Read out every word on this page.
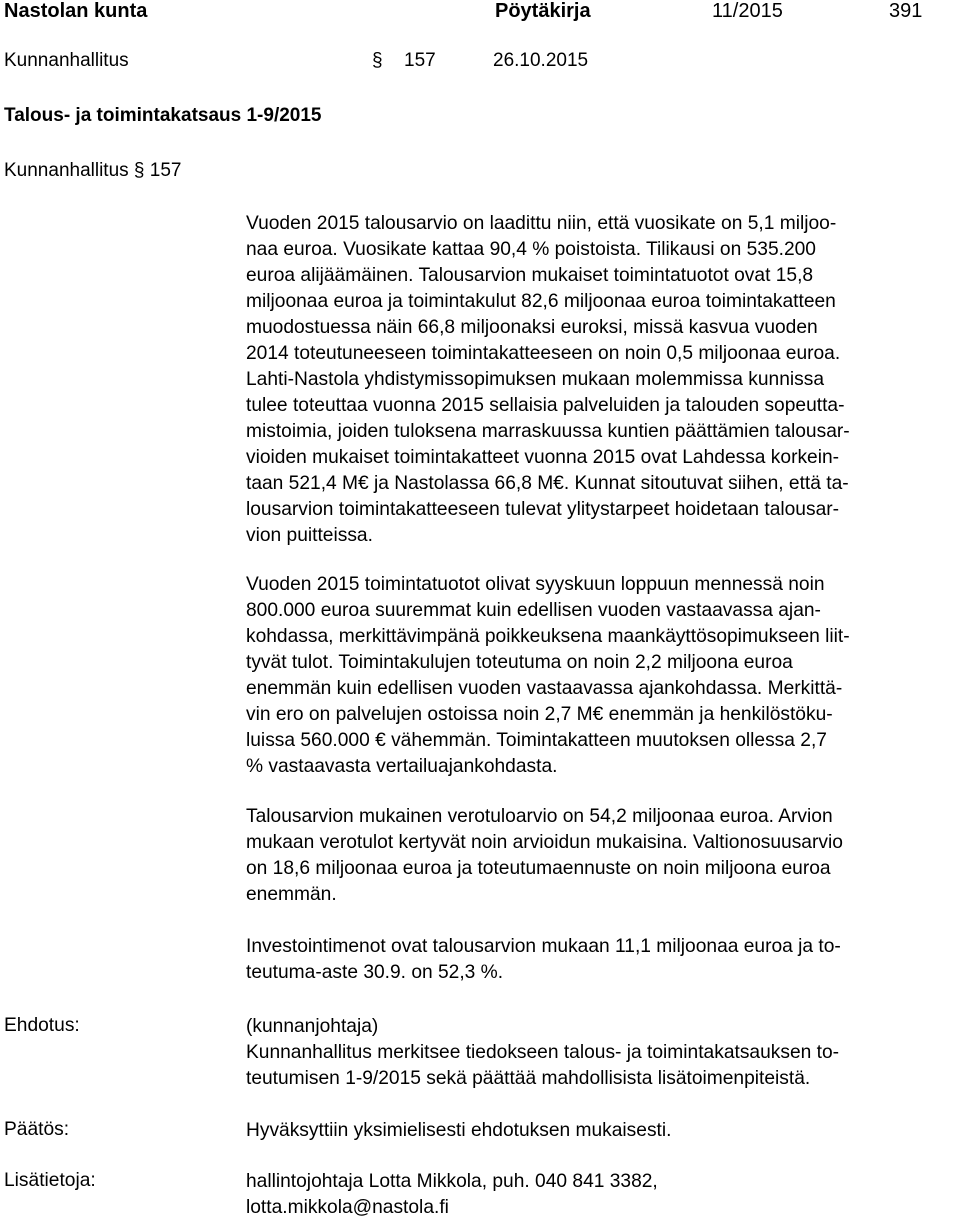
Nastolan kunta	Pöytäkirja	11/2015	391
Kunnanhallitus	§ 157	26.10.2015
Talous- ja toimintakatsaus 1-9/2015
Kunnanhallitus § 157
Vuoden 2015 talousarvio on laadittu niin, että vuosikate on 5,1 miljoo-
naa euroa. Vuosikate kattaa 90,4 % poistoista. Tilikausi on 535.200
euroa alijäämäinen. Talousarvion mukaiset toimintatuotot ovat 15,8
miljoonaa euroa ja toimintakulut 82,6 miljoonaa euroa toimintakatteen
muodostuessa näin 66,8 miljoonaksi euroksi, missä kasvua vuoden
2014 toteutuneeseen toimintakatteeseen on noin 0,5 miljoonaa euroa.
Lahti-Nastola yhdistymissopimuksen mukaan molemmissa kunnissa
tulee toteuttaa vuonna 2015 sellaisia palveluiden ja talouden sopeutta-
mistoimia, joiden tuloksena marraskuussa kuntien päättämien talousar-
vioiden mukaiset toimintakatteet vuonna 2015 ovat Lahdessa korkein-
taan 521,4 M€ ja Nastolassa 66,8 M€. Kunnat sitoutuvat siihen, että ta-
lousarvion toimintakatteeseen tulevat ylitystarpeet hoidetaan talousar-
vion puitteissa.
Vuoden 2015 toimintatuotot olivat syyskuun loppuun mennessä noin
800.000 euroa suuremmat kuin edellisen vuoden vastaavassa ajan-
kohdassa, merkittävimpänä poikkeuksena maankäyttösopimukseen liit-
tyvät tulot. Toimintakulujen toteutuma on noin 2,2 miljoona euroa
enemmän kuin edellisen vuoden vastaavassa ajankohdassa. Merkittä-
vin ero on palvelujen ostoissa noin 2,7 M€ enemmän ja henkilöstöku-
luissa 560.000 € vähemmän. Toimintakatteen muutoksen ollessa 2,7
% vastaavasta vertailuajankohdasta.
Talousarvion mukainen verotuloarvio on 54,2 miljoonaa euroa. Arvion
mukaan verotulot kertyvät noin arvioidun mukaisina. Valtionosuusarvio
on 18,6 miljoonaa euroa ja toteutumaennuste on noin miljoona euroa
enemmän.
Investointimenot ovat talousarvion mukaan 11,1 miljoonaa euroa ja to-
teutuma-aste 30.9. on 52,3 %.
Ehdotus:	(kunnanjohtaja)
Kunnanhallitus merkitsee tiedokseen talous- ja toimintakatsauksen to-
teutumisen 1-9/2015 sekä päättää mahdollisista lisätoimenpiteistä.
Päätös:	Hyväksyttiin yksimielisesti ehdotuksen mukaisesti.
Lisätietoja:	hallintojohtaja Lotta Mikkola, puh. 040 841 3382,
lotta.mikkola@nastola.fi
